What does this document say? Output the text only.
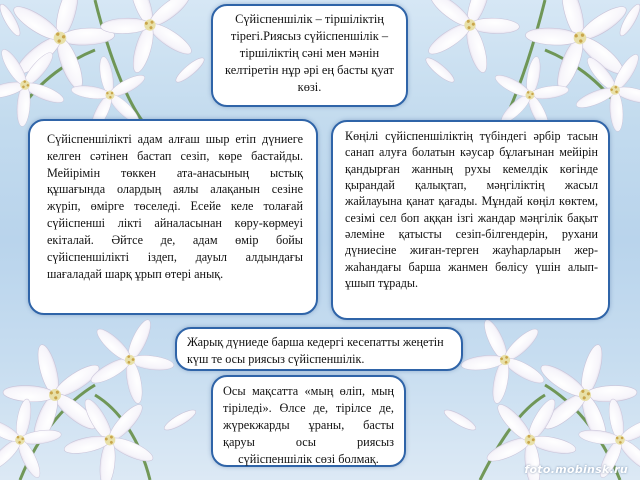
Сүйіспеншілік – тіршіліктің тірегі.Риясыз сүйіспеншілік – тіршіліктің сәні мен мәнін келтіретін нұр әрі ең басты қуат көзі.
Сүйіспеншілікті адам алғаш шыр етіп дүниеге келген сәтінен бастап сезіп, көре бастайды. Мейірімін төккен ата-анасының ыстық құшағында олардың аялы алақанын сезіне жүріп, өмірге төселеді. Есейе келе толағай сүйіспенші лікті айналасынан көру-көрмеуі екіталай. Әйтсе де, адам өмір бойы сүйіспеншілікті іздеп, дауыл алдындағы шағаладай шарқ ұрып өтері анық.
Көңілі сүйіспеншіліктің түбіндегі әрбір тасын санап алуға болатын кәусар бұлағынан мейірін қандырған жанның рухы кемелдік көгінде қырандай қалықтап, мәңгіліктің жасыл жайлауына қанат қағады. Мұндай көңіл көктем, сезімі сел боп аққан ізгі жандар мәңгілік бақыт әлеміне қатысты сезіп-білгендерін, рухани дүниесіне жиған-терген жауһарларын жер-жаһандағы барша жанмен бөлісу үшін алып-ұшып тұрады.
Жарық дүниеде барша кедергі кесепатты жеңетін күш те осы риясыз сүйіспеншілік.
Осы мақсатта «мың өліп, мың тіріледі». Өлсе де, тірілсе де, жүрекжарды ұраны, басты қаруы осы риясыз сүйіспеншілік сөзі болмақ.
foto.mobinsk.ru
